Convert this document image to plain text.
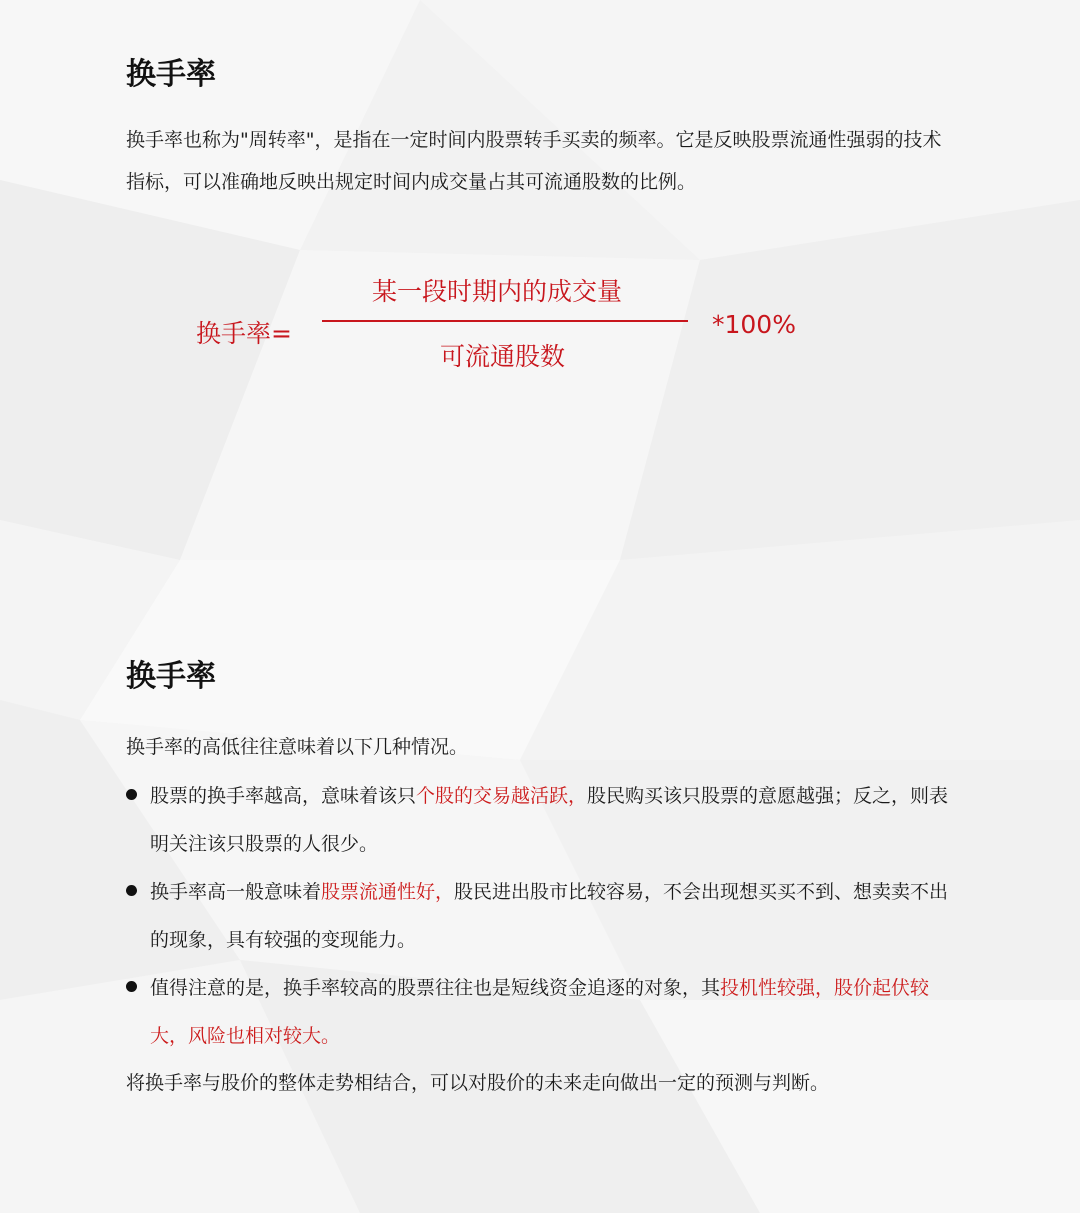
换手率

换手率也称为"周转率"，是指在一定时间内股票转手买卖的频率。它是反映股票流通性强弱的技术指标，可以准确地反映出规定时间内成交量占其可流通股数的比例。

换手率=
某一段时期内的成交量
可流通股数
*100%
换手率

换手率的高低往往意味着以下几种情况。

股票的换手率越高，意味着该只个股的交易越活跃，股民购买该只股票的意愿越强；反之，则表明关注该只股票的人很少。
换手率高一般意味着股票流通性好，股民进出股市比较容易，不会出现想买买不到、想卖卖不出的现象，具有较强的变现能力。
值得注意的是，换手率较高的股票往往也是短线资金追逐的对象，其投机性较强，股价起伏较大，风险也相对较大。

将换手率与股价的整体走势相结合，可以对股价的未来走向做出一定的预测与判断。
